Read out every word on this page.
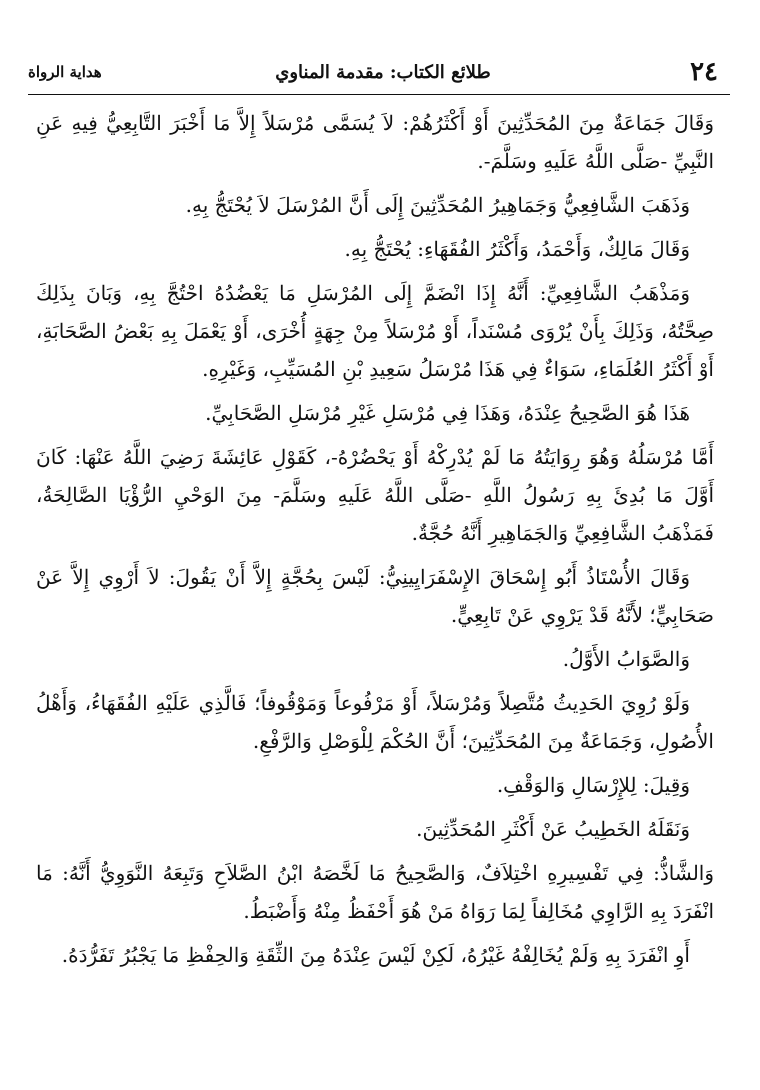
٢٤
طلائع الكتاب: مقدمة المناوي
هداية الرواة

وَقَالَ جَمَاعَةٌ مِنَ المُحَدِّثِينَ أَوْ أَكْثَرُهُمْ: لاَ يُسَمَّى مُرْسَلاً إِلاَّ مَا أَخْبَرَ التَّابِعِيُّ فِيهِ عَنِ النَّبِيِّ -صَلَّى اللَّهُ عَلَيهِ وسَلَّمَ-.

وَذَهَبَ الشَّافِعِيُّ وَجَمَاهِيرُ المُحَدِّثِينَ إِلَى أَنَّ المُرْسَلَ لاَ يُحْتَجُّ بِهِ.

وَقَالَ مَالِكٌ، وَأَحْمَدُ، وَأَكْثَرُ الفُقَهَاءِ: يُحْتَجُّ بِهِ.

وَمَذْهَبُ الشَّافِعِيِّ: أَنَّهُ إِذَا انْضَمَّ إِلَى المُرْسَلِ مَا يَعْضُدُهُ احْتُجَّ بِهِ، وَبَانَ بِذَلِكَ صِحَّتُهُ، وَذَلِكَ بِأَنْ يُرْوَى مُسْنَداً، أَوْ مُرْسَلاً مِنْ جِهَةٍ أُخْرَى، أَوْ يَعْمَلَ بِهِ بَعْضُ الصَّحَابَةِ، أَوْ أَكْثَرُ العُلَمَاءِ، سَوَاءٌ فِي هَذَا مُرْسَلُ سَعِيدِ بْنِ المُسَيِّبِ، وَغَيْرِهِ.

هَذَا هُوَ الصَّحِيحُ عِنْدَهُ، وَهَذَا فِي مُرْسَلِ غَيْرِ مُرْسَلِ الصَّحَابِيِّ.

أَمَّا مُرْسَلُهُ وَهُوَ رِوَايَتُهُ مَا لَمْ يُدْرِكْهُ أَوْ يَحْضُرْهُ-، كَقَوْلِ عَائِشَةَ رَضِيَ اللَّهُ عَنْهَا: كَانَ أَوَّلَ مَا بُدِئَ بِهِ رَسُولُ اللَّهِ -صَلَّى اللَّهُ عَلَيهِ وسَلَّمَ- مِنَ الوَحْيِ الرُّؤْيَا الصَّالِحَةُ، فَمَذْهَبُ الشَّافِعِيِّ وَالجَمَاهِيرِ أَنَّهُ حُجَّةٌ.

وَقَالَ الأُسْتَاذُ أَبُو إِسْحَاقَ الإِسْفَرَايِينِيُّ: لَيْسَ بِحُجَّةٍ إِلاَّ أَنْ يَقُولَ: لاَ أَرْوِي إِلاَّ عَنْ صَحَابِيٍّ؛ لأَنَّهُ قَدْ يَرْوِي عَنْ تَابِعِيٍّ.

وَالصَّوَابُ الأَوَّلُ.

وَلَوْ رُوِيَ الحَدِيثُ مُتَّصِلاً وَمُرْسَلاً، أَوْ مَرْفُوعاً وَمَوْقُوفاً؛ فَالَّذِي عَلَيْهِ الفُقَهَاءُ، وَأَهْلُ الأُصُولِ، وَجَمَاعَةٌ مِنَ المُحَدِّثِينَ؛ أَنَّ الحُكْمَ لِلْوَصْلِ وَالرَّفْعِ.

وَقِيلَ: لِلإِرْسَالِ وَالوَقْفِ.

وَنَقَلَهُ الخَطِيبُ عَنْ أَكْثَرِ المُحَدِّثِينَ.

وَالشَّاذُّ: فِي تَفْسِيرِهِ اخْتِلاَفٌ، وَالصَّحِيحُ مَا لَخَّصَهُ ابْنُ الصَّلاَحِ وَتَبِعَهُ النَّوَوِيُّ أَنَّهُ: مَا انْفَرَدَ بِهِ الرَّاوِي مُخَالِفاً لِمَا رَوَاهُ مَنْ هُوَ أَحْفَظُ مِنْهُ وَأَضْبَطُ.

أَوِ انْفَرَدَ بِهِ وَلَمْ يُخَالِفْهُ غَيْرُهُ، لَكِنْ لَيْسَ عِنْدَهُ مِنَ الثِّقَةِ وَالحِفْظِ مَا يَجْبُرُ تَفَرُّدَهُ.
